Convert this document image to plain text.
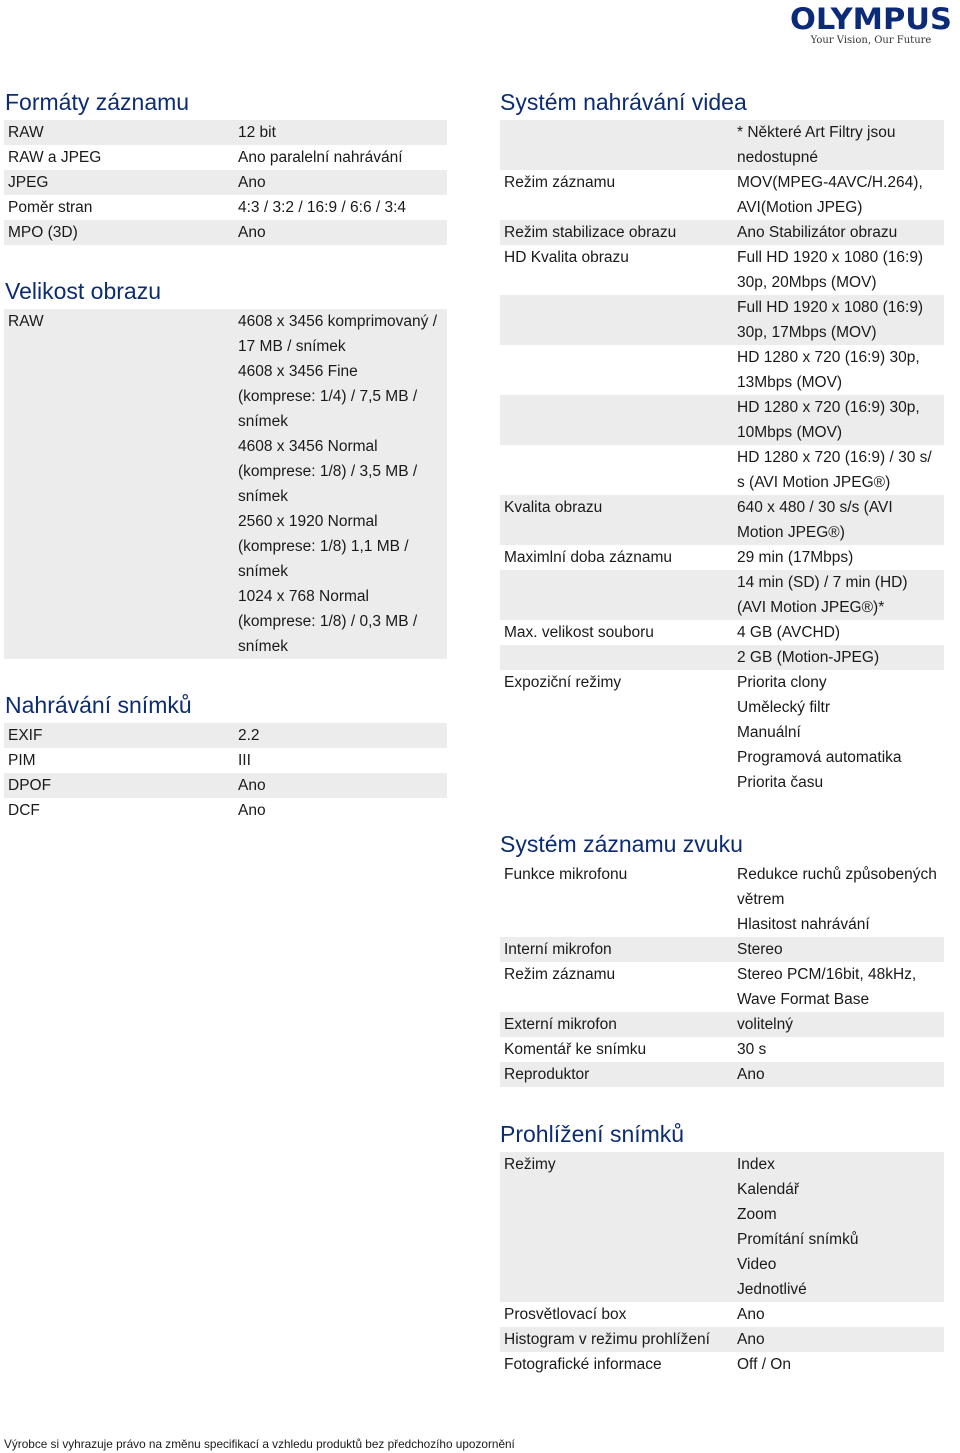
OLYMPUS
Your Vision, Our Future
Formáty záznamu
RAW	12 bit
RAW a JPEG	Ano paralelní nahrávání
JPEG	Ano
Poměr stran	4:3 / 3:2 / 16:9 / 6:6 / 3:4
MPO (3D)	Ano
Velikost obrazu
RAW	4608 x 3456 komprimovaný /
17 MB / snímek
4608 x 3456 Fine
(komprese: 1/4) / 7,5 MB /
snímek
4608 x 3456 Normal
(komprese: 1/8) / 3,5 MB /
snímek
2560 x 1920 Normal
(komprese: 1/8) 1,1 MB /
snímek
1024 x 768 Normal
(komprese: 1/8) / 0,3 MB /
snímek
Nahrávání snímků
EXIF	2.2
PIM	III
DPOF	Ano
DCF	Ano
Systém nahrávání videa
* Některé Art Filtry jsou
nedostupné
Režim záznamu	MOV(MPEG-4AVC/H.264),
AVI(Motion JPEG)
Režim stabilizace obrazu	Ano Stabilizátor obrazu
HD Kvalita obrazu	Full HD 1920 x 1080 (16:9)
30p, 20Mbps (MOV)
Full HD 1920 x 1080 (16:9)
30p, 17Mbps (MOV)
HD 1280 x 720 (16:9) 30p,
13Mbps (MOV)
HD 1280 x 720 (16:9) 30p,
10Mbps (MOV)
HD 1280 x 720 (16:9) / 30 s/
s (AVI Motion JPEG®)
Kvalita obrazu	640 x 480 / 30 s/s (AVI
Motion JPEG®)
Maximlní doba záznamu	29 min (17Mbps)
14 min (SD) / 7 min (HD)
(AVI Motion JPEG®)*
Max. velikost souboru	4 GB (AVCHD)
2 GB (Motion-JPEG)
Expoziční režimy	Priorita clony
Umělecký filtr
Manuální
Programová automatika
Priorita času
Systém záznamu zvuku
Funkce mikrofonu	Redukce ruchů způsobených
větrem
Hlasitost nahrávání
Interní mikrofon	Stereo
Režim záznamu	Stereo PCM/16bit, 48kHz,
Wave Format Base
Externí mikrofon	volitelný
Komentář ke snímku	30 s
Reproduktor	Ano
Prohlížení snímků
Režimy	Index
Kalendář
Zoom
Promítání snímků
Video
Jednotlivé
Prosvětlovací box	Ano
Histogram v režimu prohlížení	Ano
Fotografické informace	Off / On
Výrobce si vyhrazuje právo na změnu specifikací a vzhledu produktů bez předchozího upozornění
